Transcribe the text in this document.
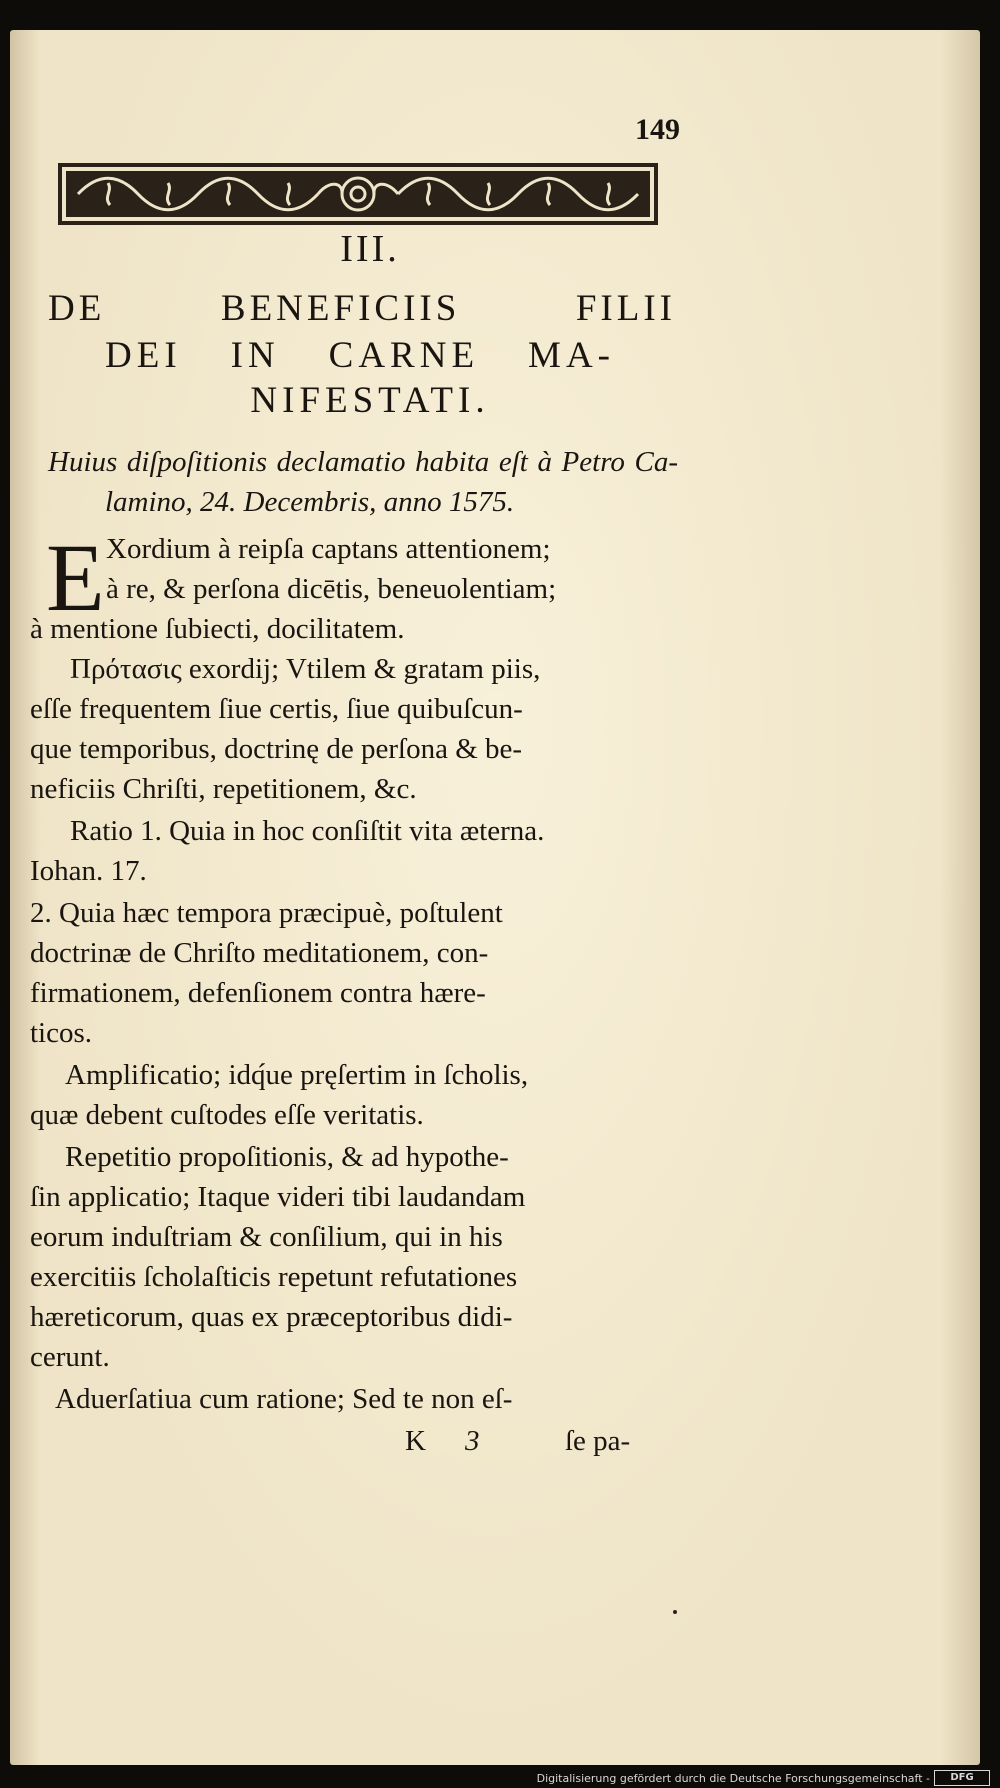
149
III.
DE BENEFICIIS FILII
DEI IN CARNE MA-
NIFESTATI.
Huius diſpoſitionis declamatio habita eſt à Petro Ca-
lamino, 24. Decembris, anno 1575.
E Xordium à reipſa captans attentionem;
à re, & perſona dicētis, beneuolentiam;
à mentione ſubiecti, docilitatem.
Πρότασις exordij; Vtilem & gratam piis,
eſſe frequentem ſiue certis, ſiue quibuſcun-
que temporibus, doctrinę de perſona & be-
neficiis Chriſti, repetitionem, &c.
Ratio 1. Quia in hoc conſiſtit vita æterna.
Iohan. 17.
2. Quia hæc tempora præcipuè, poſtulent
doctrinæ de Chriſto meditationem, con-
firmationem, defenſionem contra hære-
ticos.
Amplificatio; idq́ue pręſertim in ſcholis,
quæ debent cuſtodes eſſe veritatis.
Repetitio propoſitionis, & ad hypothe-
ſin applicatio; Itaque videri tibi laudandam
eorum induſtriam & conſilium, qui in his
exercitiis ſcholaſticis repetunt refutationes
hæreticorum, quas ex præceptoribus didi-
cerunt.
Aduerſatiua cum ratione; Sed te non eſ-
K 3	ſe pa-
Digitalisierung gefördert durch die Deutsche Forschungsgemeinschaft -	DFG
